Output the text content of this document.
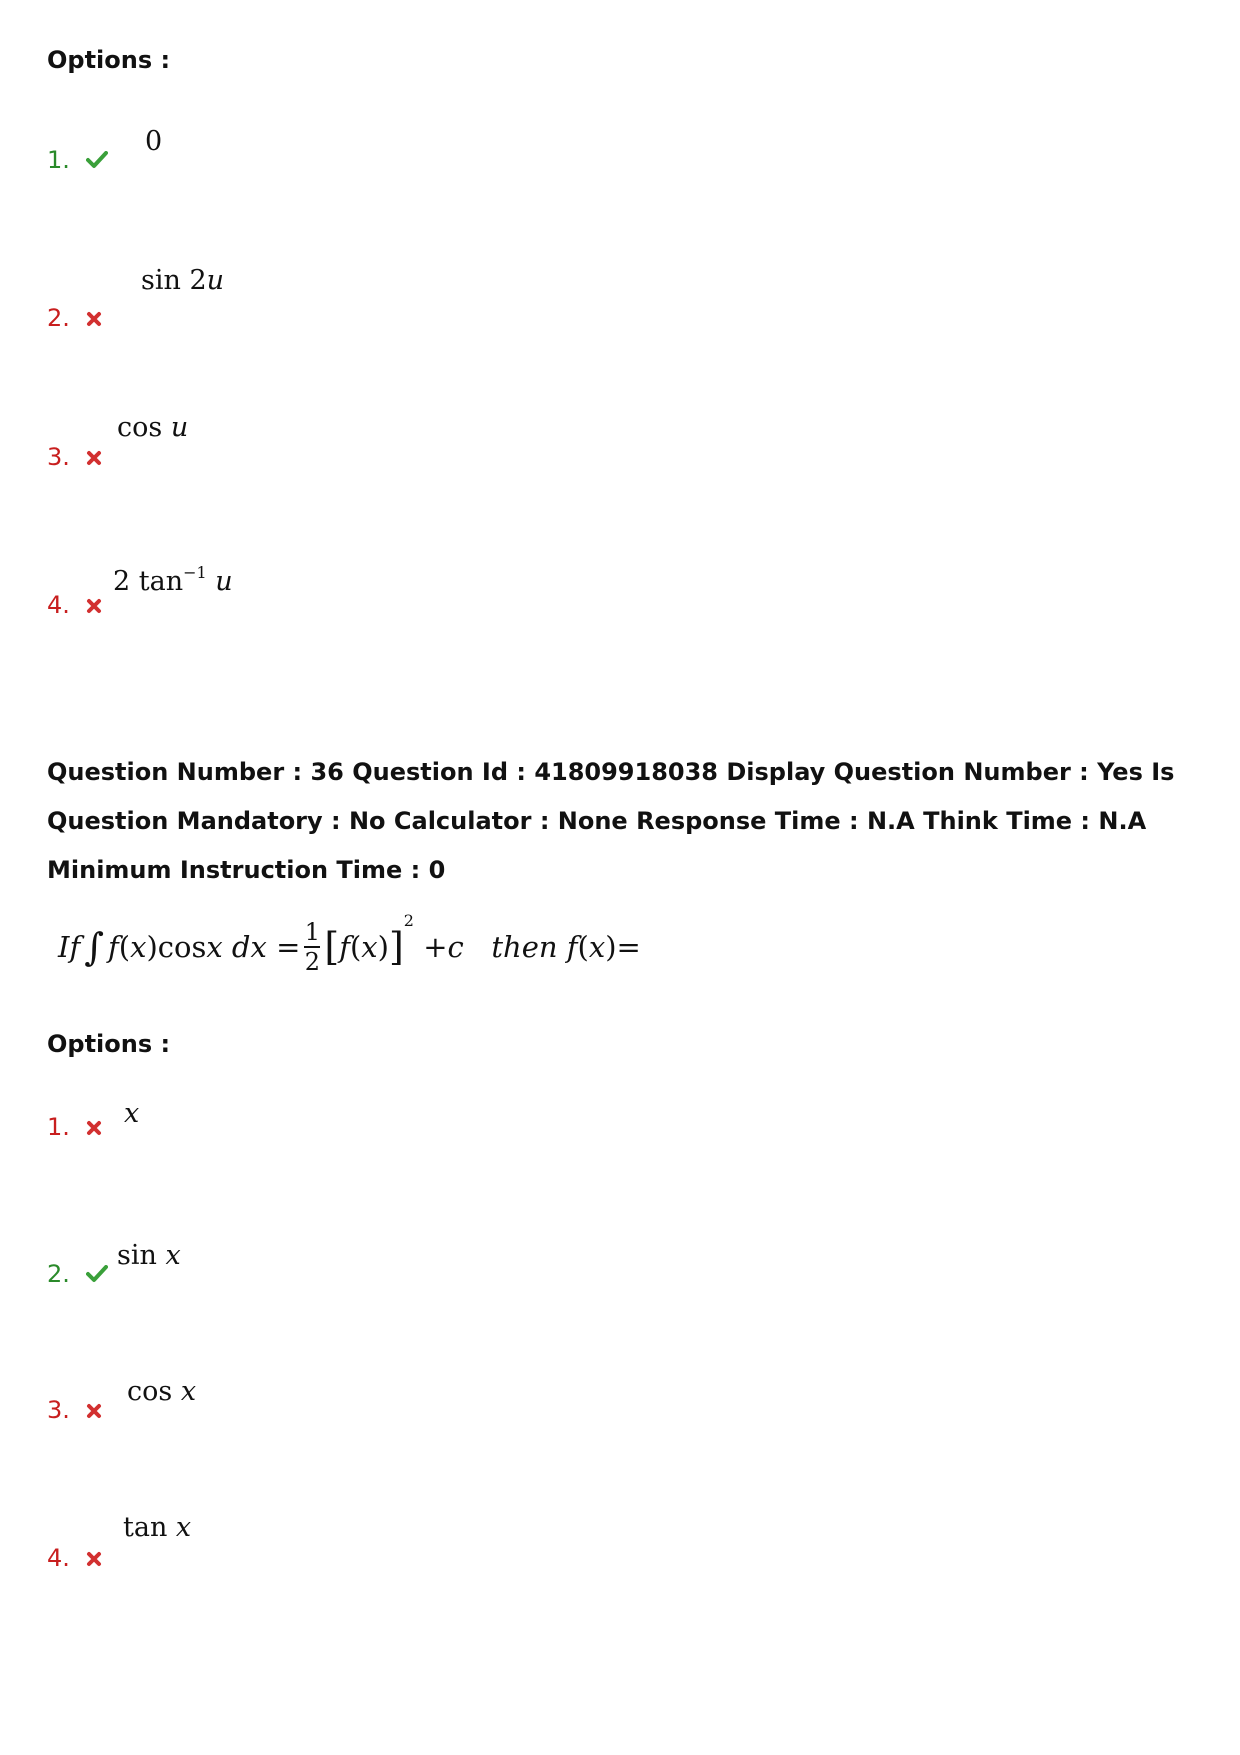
Options :
1.
0
2.
sin 2u
3.
cos u
4.
2 $\tan^{-1} u$
Question Number : 36 Question Id : 41809918038 Display Question Number : Yes Is Question Mandatory : No Calculator : None Response Time : N.A Think Time : N.A Minimum Instruction Time : 0
If ∫ f ( x )cos x
dx
= $\frac{1}{2}$ [ f ( x ) ]
2

+ c
then
f ( x )=
Options :
1.	x
2.
sin x
3.
cos x
4.
tan x
